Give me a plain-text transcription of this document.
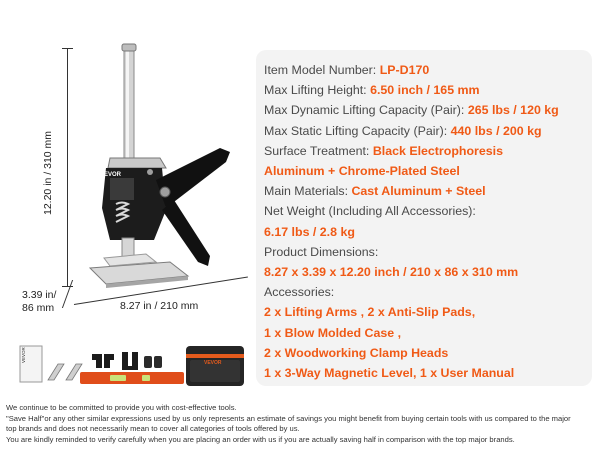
12.20 in / 310 mm
3.39 in/
86 mm	8.27 in / 210 mm
VEVOR
VEVOR	VEVOR
Item Model Number: LP-D170
Max Lifting Height: 6.50 inch / 165 mm
Max Dynamic Lifting Capacity (Pair): 265 lbs / 120 kg
Max Static Lifting Capacity (Pair): 440 lbs / 200 kg
Surface Treatment: Black Electrophoresis
Aluminum + Chrome-Plated Steel
Main Materials: Cast Aluminum + Steel
Net Weight (Including All Accessories):
6.17 lbs / 2.8 kg
Product Dimensions:
8.27 x 3.39 x 12.20 inch / 210 x 86 x 310 mm
Accessories:
2 x Lifting Arms , 2 x Anti-Slip Pads,
1 x Blow Molded Case ,
2 x Woodworking Clamp Heads
1 x 3-Way Magnetic Level, 1 x User Manual
We continue to be committed to provide you with cost-effective tools.
"Save Half"or any other similar expressions used by us only represents an estimate of savings you might benefit from buying certain tools with us compared to the major
top brands and does not necessarily mean to cover all categories of tools offered by us.
You are kindly reminded to verify carefully when you are placing an order with us if you are actually saving half in comparison with the top major brands.
